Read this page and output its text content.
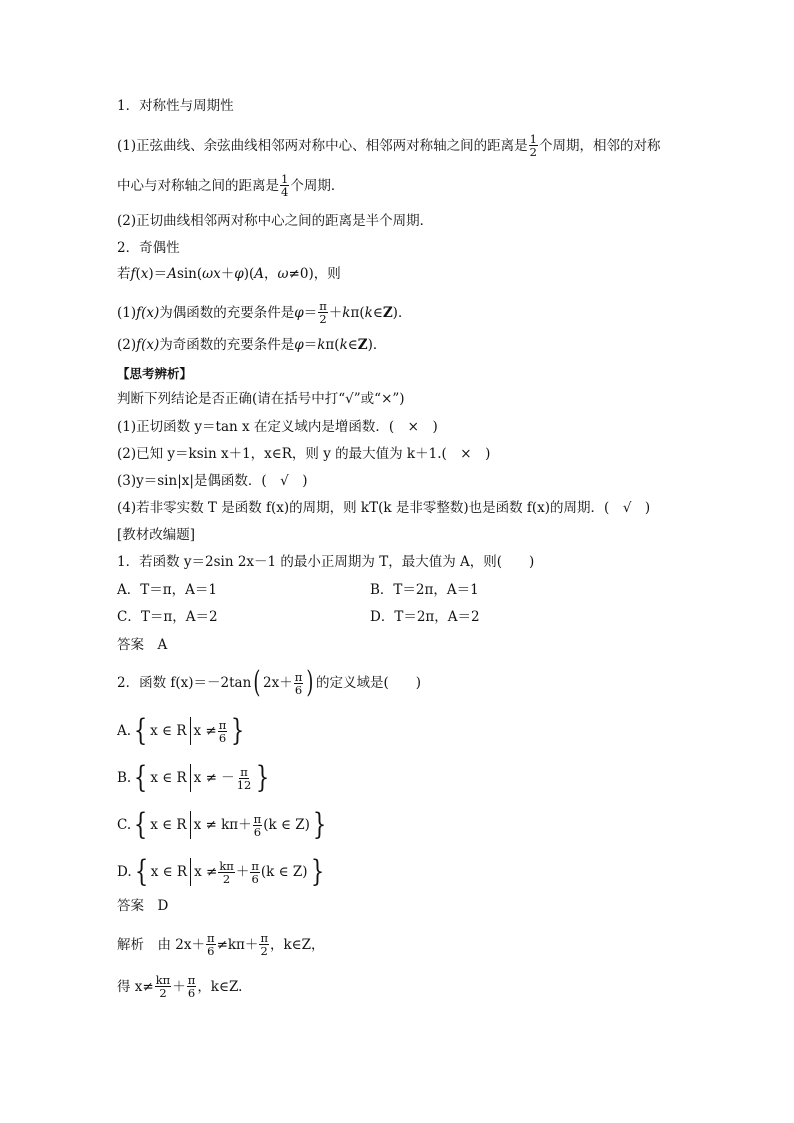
1．对称性与周期性
(1)正弦曲线、余弦曲线相邻两对称中心、相邻两对称轴之间的距离是 $\frac{1}{2}$ 个周期，相邻的对称
中心与对称轴之间的距离是 $\frac{1}{4}$ 个周期．
(2)正切曲线相邻两对称中心之间的距离是半个周期．
2．奇偶性
若 f ( x )＝ A sin( ωx ＋ φ )( A ， ω ≠0)，则
(1) f(x) 为偶函数的充要条件是 $\varphi = \frac{\pi}{2} + k$ π( k ∈ Z )．
(2) f(x) 为奇函数的充要条件是 φ ＝ k π( k ∈ Z )．
【思考辨析】
判断下列结论是否正确(请在括号中打“√”或“×”)
(1)正切函数 y＝tan x 在定义域内是增函数．(　×　)
(2)已知 y＝ksin x＋1，x∈R，则 y 的最大值为 k＋1.(　×　)
(3)y＝sin|x|是偶函数．(　√　)
(4)若非零实数 T 是函数 f(x)的周期，则 kT(k 是非零整数)也是函数 f(x)的周期．(　√　)
[教材改编题]
1．若函数 y＝2sin 2x－1 的最小正周期为 T，最大值为 A，则(　　)
A．T＝π，A＝1	B．T＝2π，A＝1
C．T＝π，A＝2	D．T＝2π，A＝2
答案　A
2．函数 f(x)＝－2tan ( $2x+ \frac{\pi}{6}$ ) 的定义域是(　　)
A. { x ∈ R $x \ne \frac{\pi}{6}$ }
B. { x ∈ R x ≠ － $\frac{\pi}{12}$ }
C. { x ∈ R $x \ne k\pi+ \frac{\pi}{6} (k$ ∈ Z) }
D. { x ∈ R $x \ne \frac{k\pi}{2} + \frac{\pi}{6} (k$ ∈ Z) }
答案　D
解析　由 $2x+ \frac{\pi}{6} \ne k\pi+ \frac{\pi}{2}$ ，k∈Z，
得 $x\ne \frac{k\pi}{2} + \frac{\pi}{6}$ ，k∈Z.
